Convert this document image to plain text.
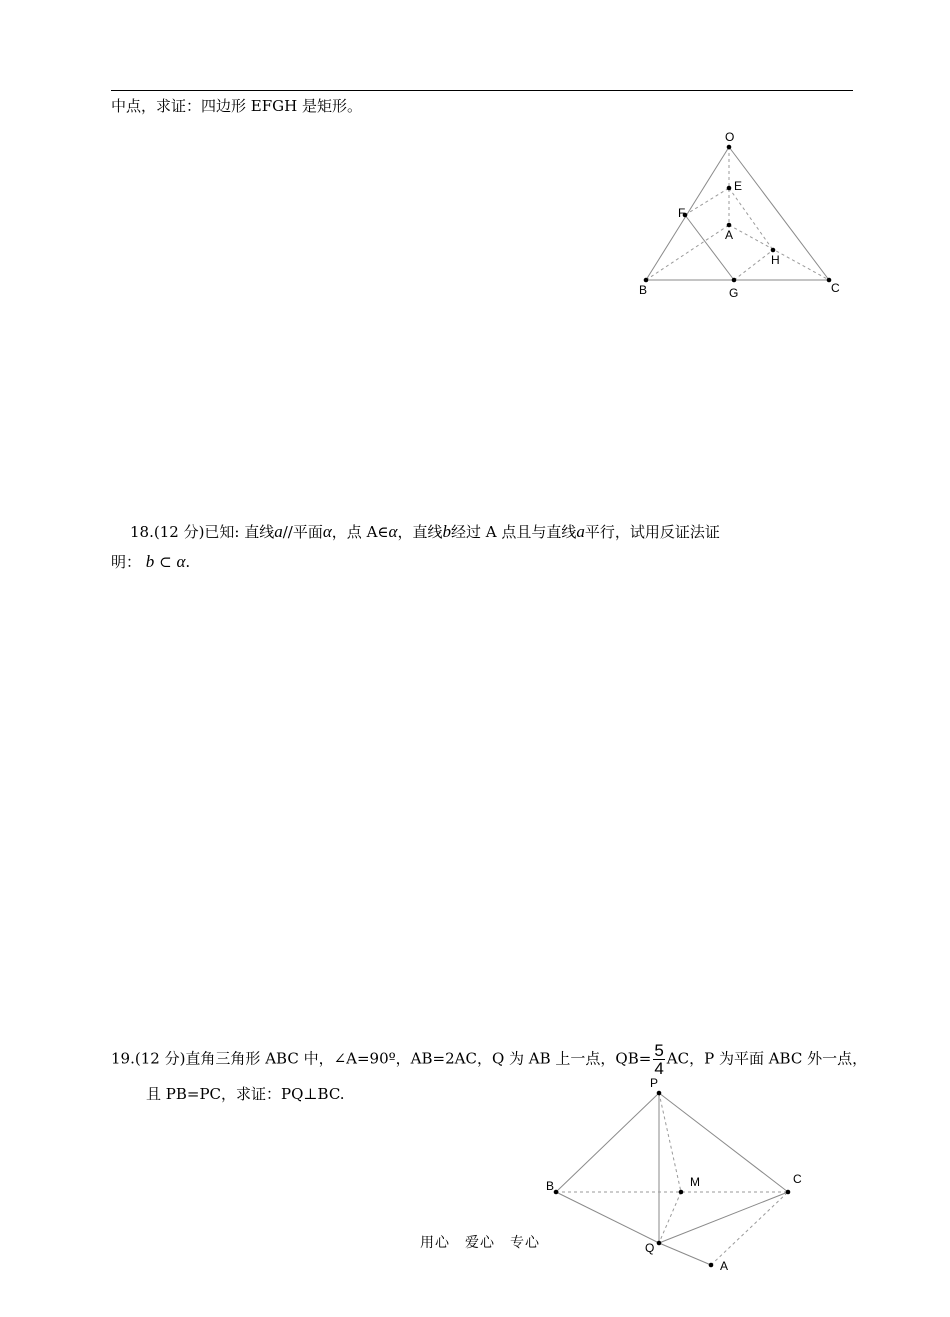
中点，求证：四边形 EFGH 是矩形。
O
E
F
A
H
B	G	C
18.(12 分)已知: 直线a//平面α，点 A∈α，直线b经过 A 点且与直线a平行，试用反证法证
明： b ⊂ α.
19.(12 分)直角三角形 ABC 中，∠A=90º，AB=2AC，Q 为 AB 上一点，$QB= \frac{5}{4}$ AC，P 为平面 ABC 外一点，
且 PB=PC，求证：PQ⊥BC.
P
B	M	C
Q
A
用心　爱心　专心
